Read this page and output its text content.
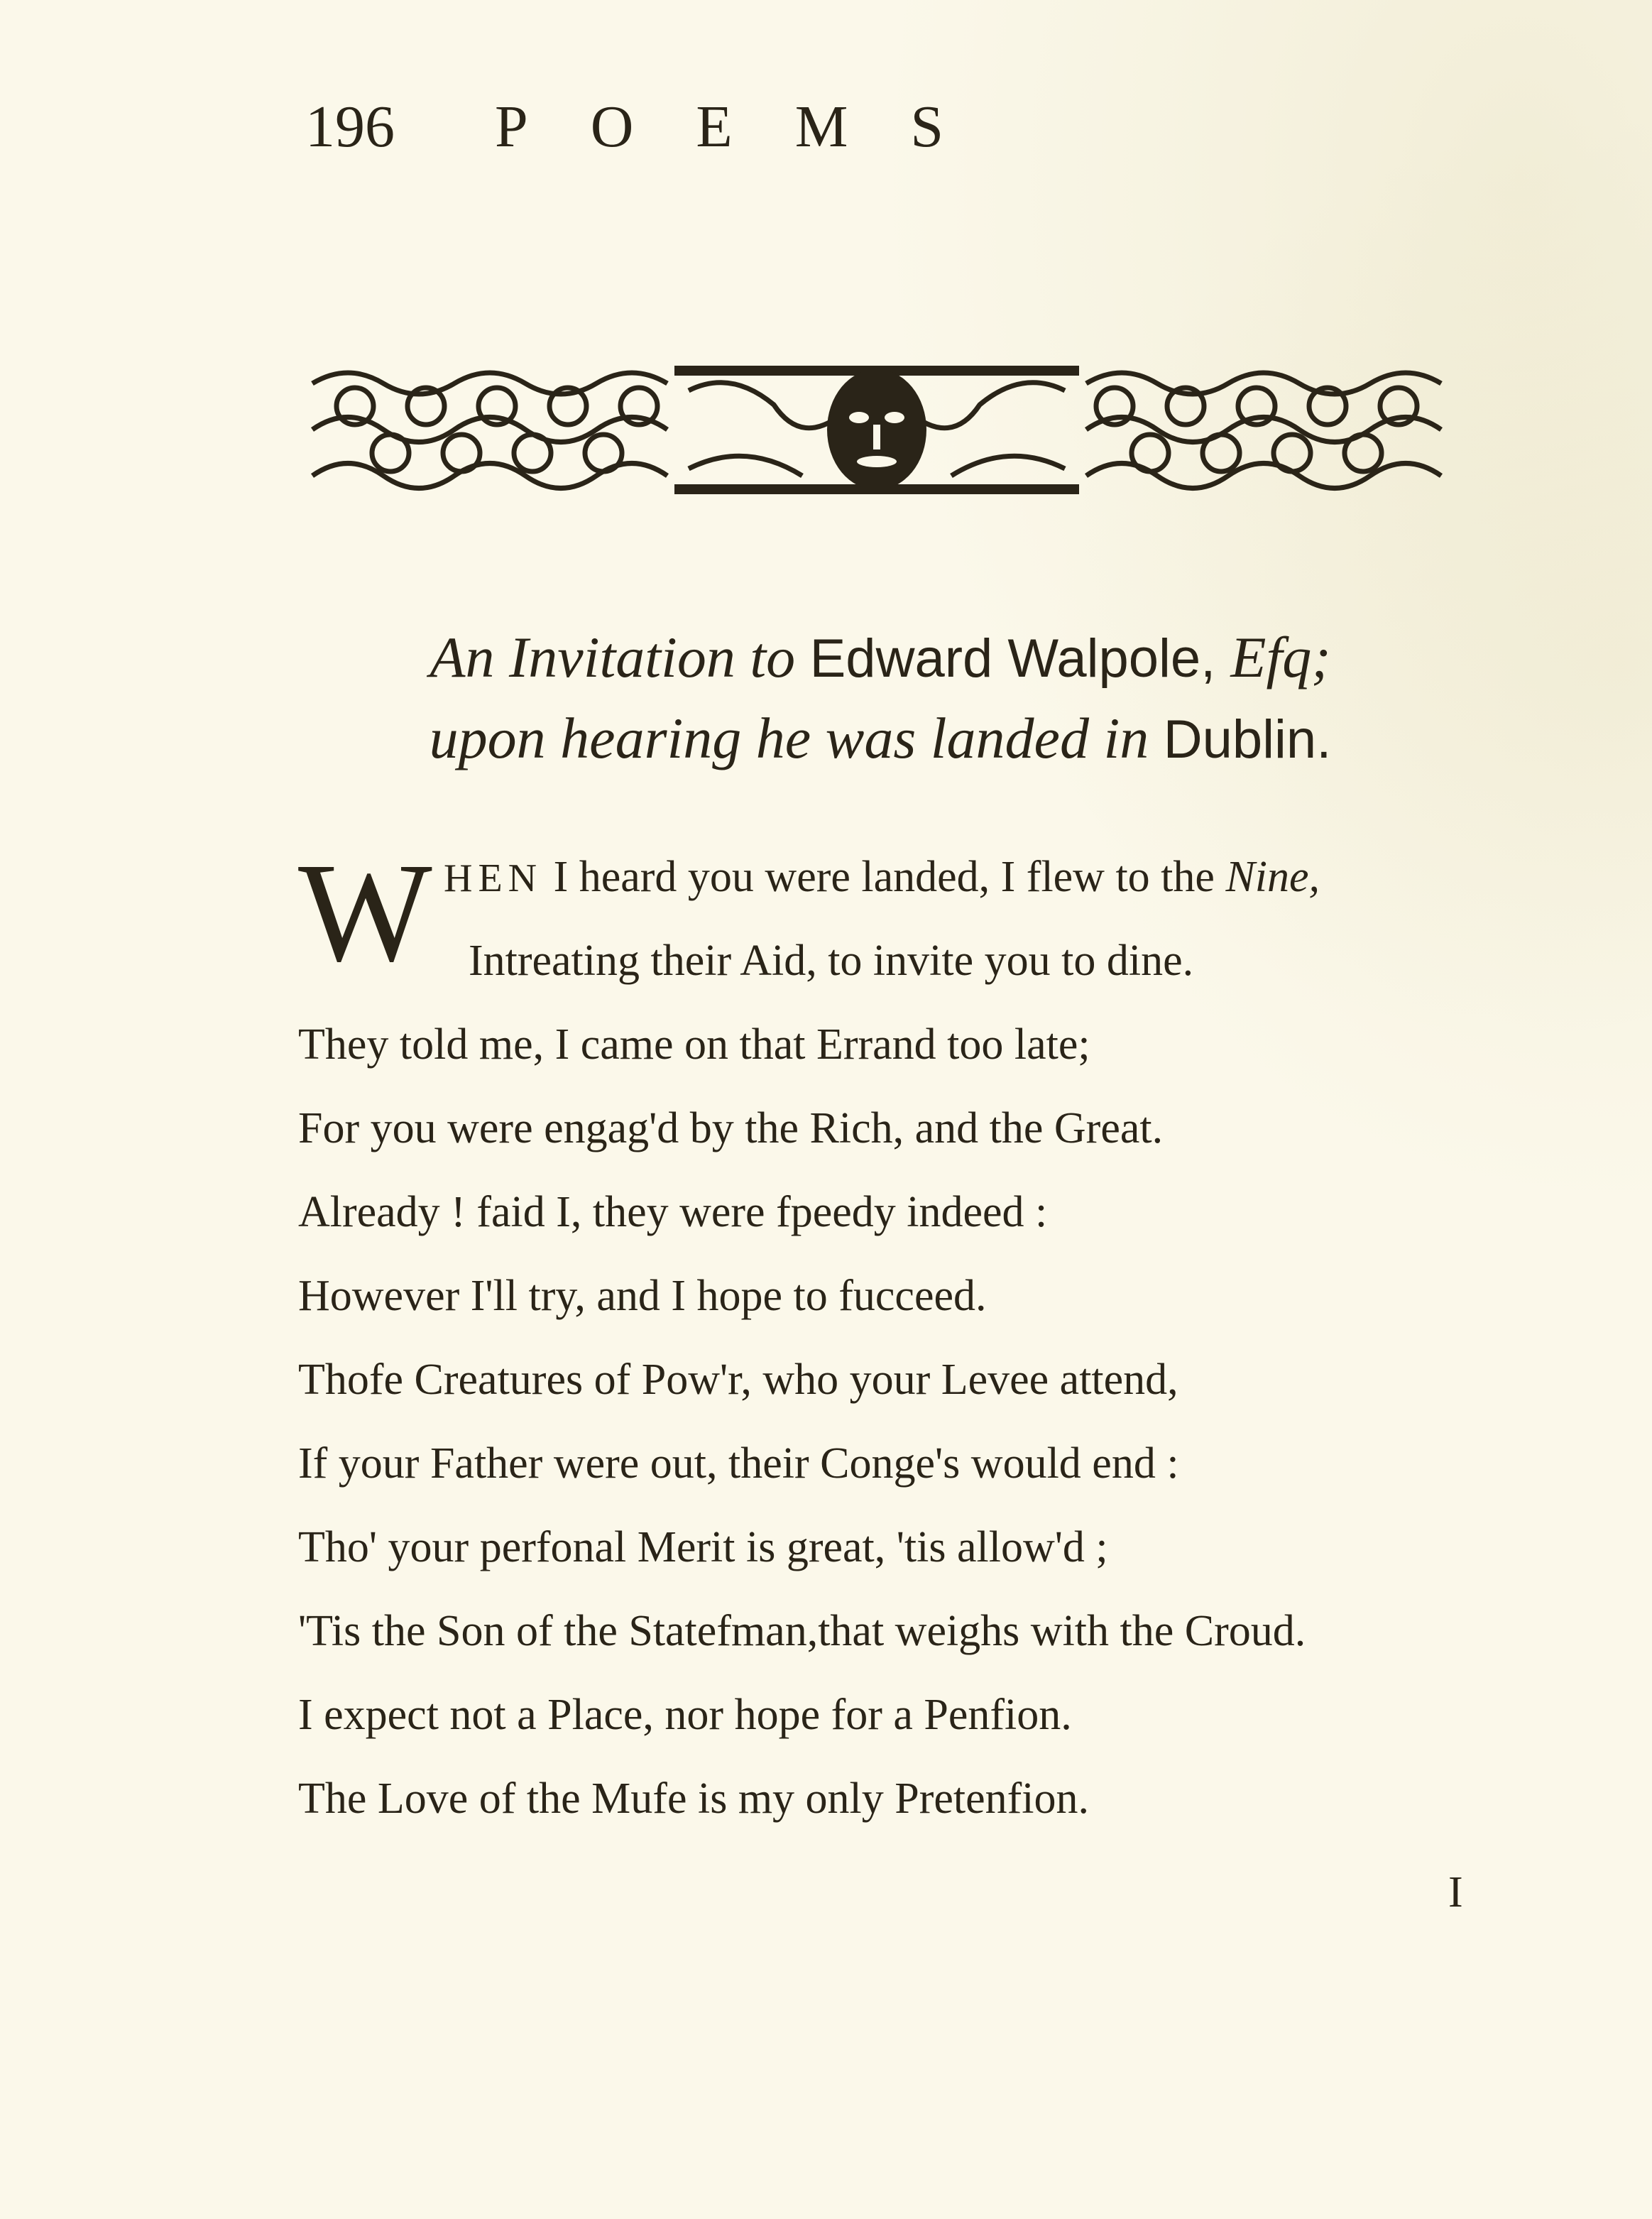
196 POEMS
An Invitation to Edward Walpole, Efq;
upon hearing he was landed in Dublin.
W HEN I heard you were landed, I flew to the Nine,
Intreating their Aid, to invite you to dine.
They told me, I came on that Errand too late;
For you were engag'd by the Rich, and the Great.
Already ! faid I, they were fpeedy indeed :
However I'll try, and I hope to fucceed.
Thofe Creatures of Pow'r, who your Levee attend,
If your Father were out, their Conge's would end :
Tho' your perfonal Merit is great, 'tis allow'd ;
'Tis the Son of the Statefman,that weighs with the Croud.
I expect not a Place, nor hope for a Penfion.
The Love of the Mufe is my only Pretenfion.
I
